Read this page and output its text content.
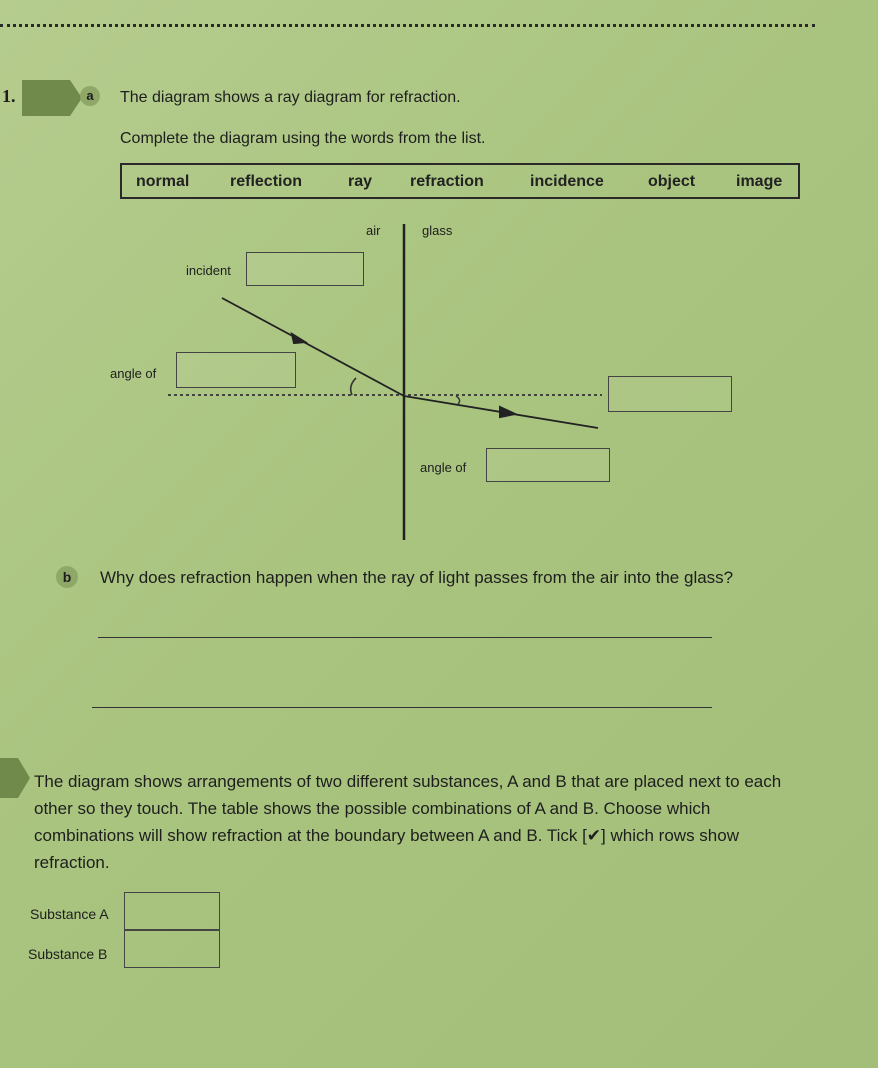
1.	a	The diagram shows a ray diagram for refraction.
Complete the diagram using the words from the list.
normal	reflection	ray refraction	incidence	object	image
air	glass
incident
angle of
angle of
b	Why does refraction happen when the ray of light passes from the air into the glass?
The diagram shows arrangements of two different substances, A and B that are placed next to each other so they touch. The table shows the possible combinations of A and B. Choose which combinations will show refraction at the boundary between A and B. Tick [✔] which rows show refraction.
Substance A
Substance B
